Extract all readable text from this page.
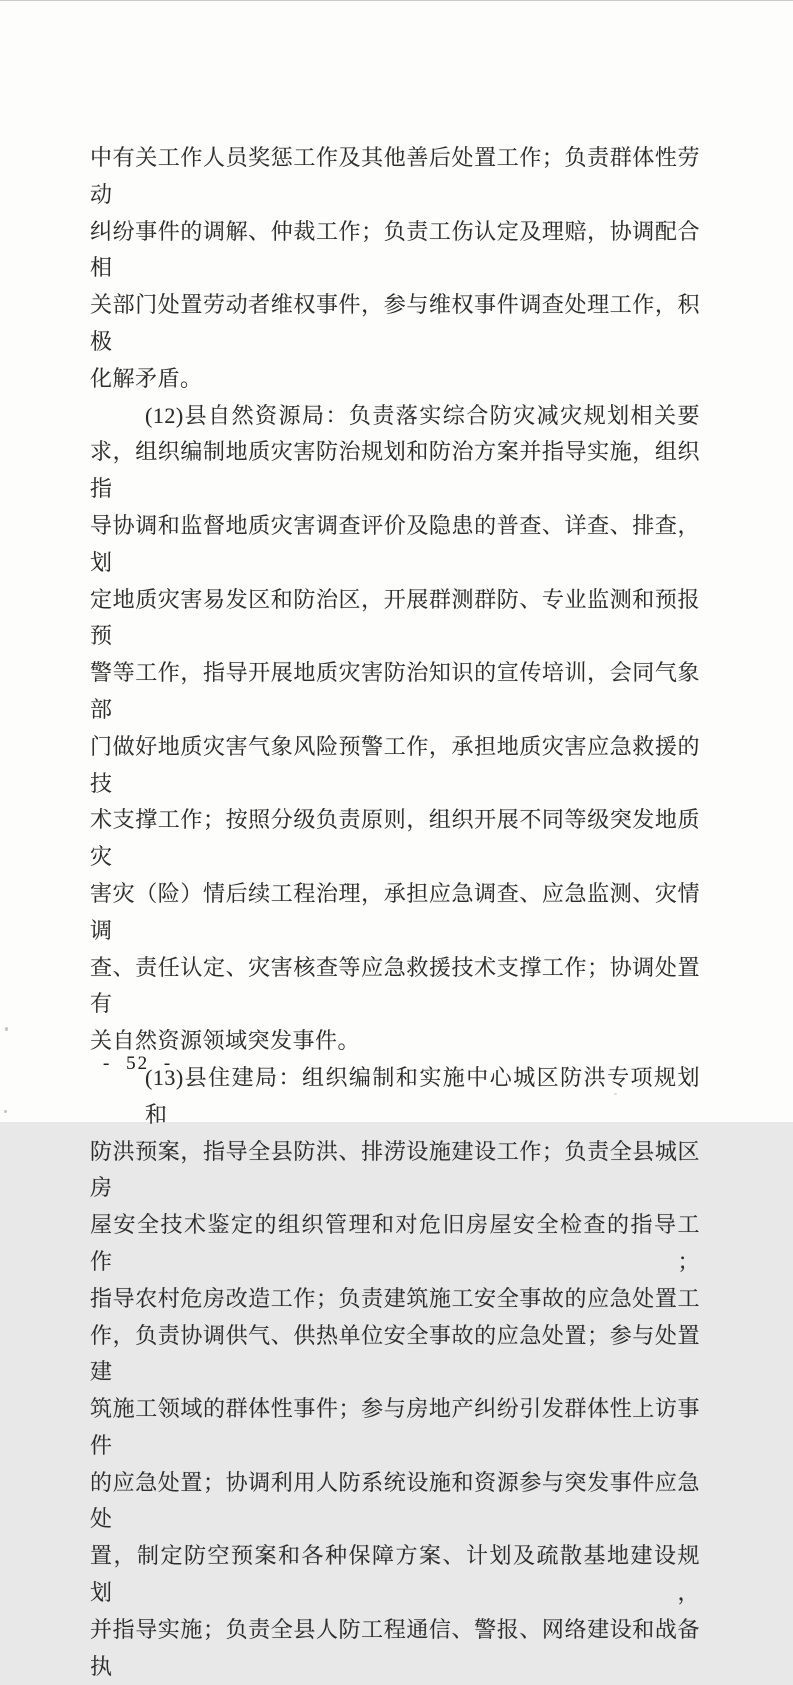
中有关工作人员奖惩工作及其他善后处置工作；负责群体性劳动
纠纷事件的调解、仲裁工作；负责工伤认定及理赔，协调配合相
关部门处置劳动者维权事件，参与维权事件调查处理工作，积极
化解矛盾。
(12)县自然资源局：负责落实综合防灾减灾规划相关要
求，组织编制地质灾害防治规划和防治方案并指导实施，组织指
导协调和监督地质灾害调查评价及隐患的普查、详查、排查，划
定地质灾害易发区和防治区，开展群测群防、专业监测和预报预
警等工作，指导开展地质灾害防治知识的宣传培训，会同气象部
门做好地质灾害气象风险预警工作，承担地质灾害应急救援的技
术支撑工作；按照分级负责原则，组织开展不同等级突发地质灾
害灾（险）情后续工程治理，承担应急调查、应急监测、灾情调
查、责任认定、灾害核查等应急救援技术支撑工作；协调处置有
关自然资源领域突发事件。
(13)县住建局：组织编制和实施中心城区防洪专项规划和
防洪预案，指导全县防洪、排涝设施建设工作；负责全县城区房
屋安全技术鉴定的组织管理和对危旧房屋安全检查的指导工作；
指导农村危房改造工作；负责建筑施工安全事故的应急处置工
作，负责协调供气、供热单位安全事故的应急处置；参与处置建
筑施工领域的群体性事件；参与房地产纠纷引发群体性上访事件
的应急处置；协调利用人防系统设施和资源参与突发事件应急处
置，制定防空预案和各种保障方案、计划及疏散基地建设规划，
并指导实施；负责全县人防工程通信、警报、网络建设和战备执
- 52 -
